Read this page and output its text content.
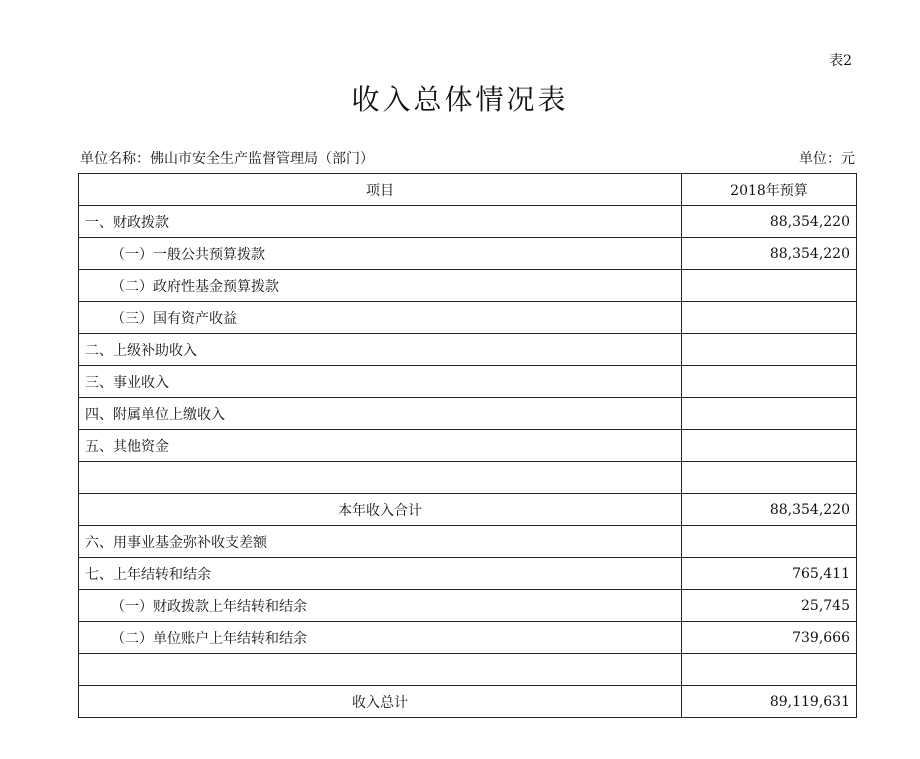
表2
收入总体情况表
单位名称：佛山市安全生产监督管理局（部门）	单位：元
项目	2018年预算
一、财政拨款	88,354,220
（一）一般公共预算拨款	88,354,220
（二）政府性基金预算拨款	
（三）国有资产收益	
二、上级补助收入	
三、事业收入	
四、附属单位上缴收入	
五、其他资金	

本年收入合计	88,354,220
六、用事业基金弥补收支差额	
七、上年结转和结余	765,411
（一）财政拨款上年结转和结余	25,745
（二）单位账户上年结转和结余	739,666

收入总计	89,119,631
